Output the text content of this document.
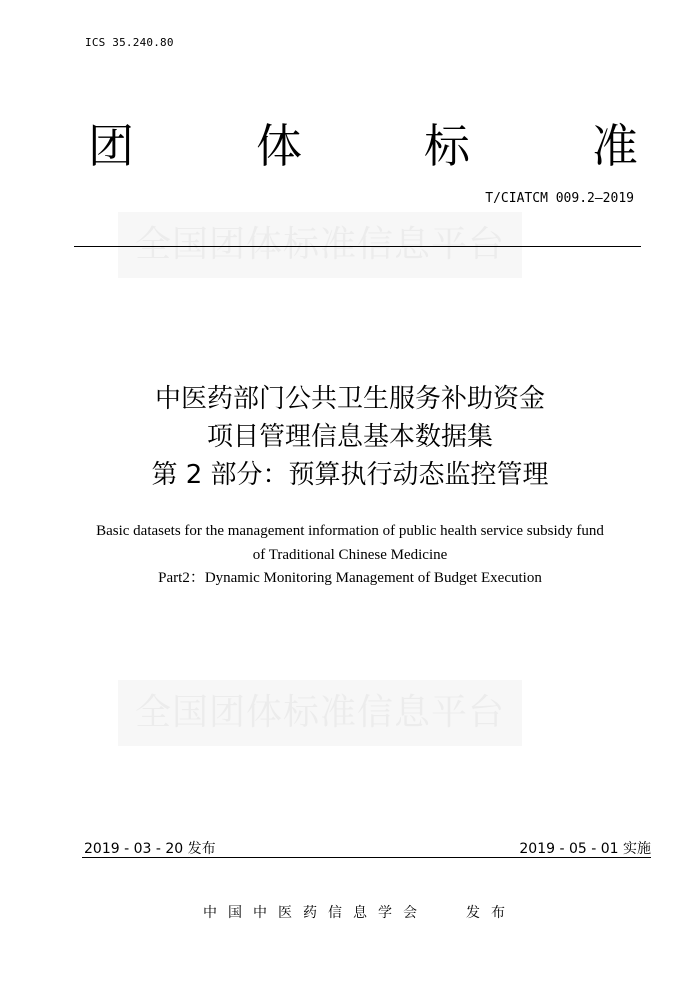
ICS 35.240.80
团	体	标	准
全国团体标准信息平台
T/CIATCM 009.2—2019
中医药部门公共卫生服务补助资金
项目管理信息基本数据集
第 2 部分：预算执行动态监控管理
Basic datasets for the management information of public health service subsidy fund
of Traditional Chinese Medicine
Part2：Dynamic Monitoring Management of Budget Execution
全国团体标准信息平台
2019 - 03 - 20 发布	2019 - 05 - 01 实施
中国中医药信息学会	发布
